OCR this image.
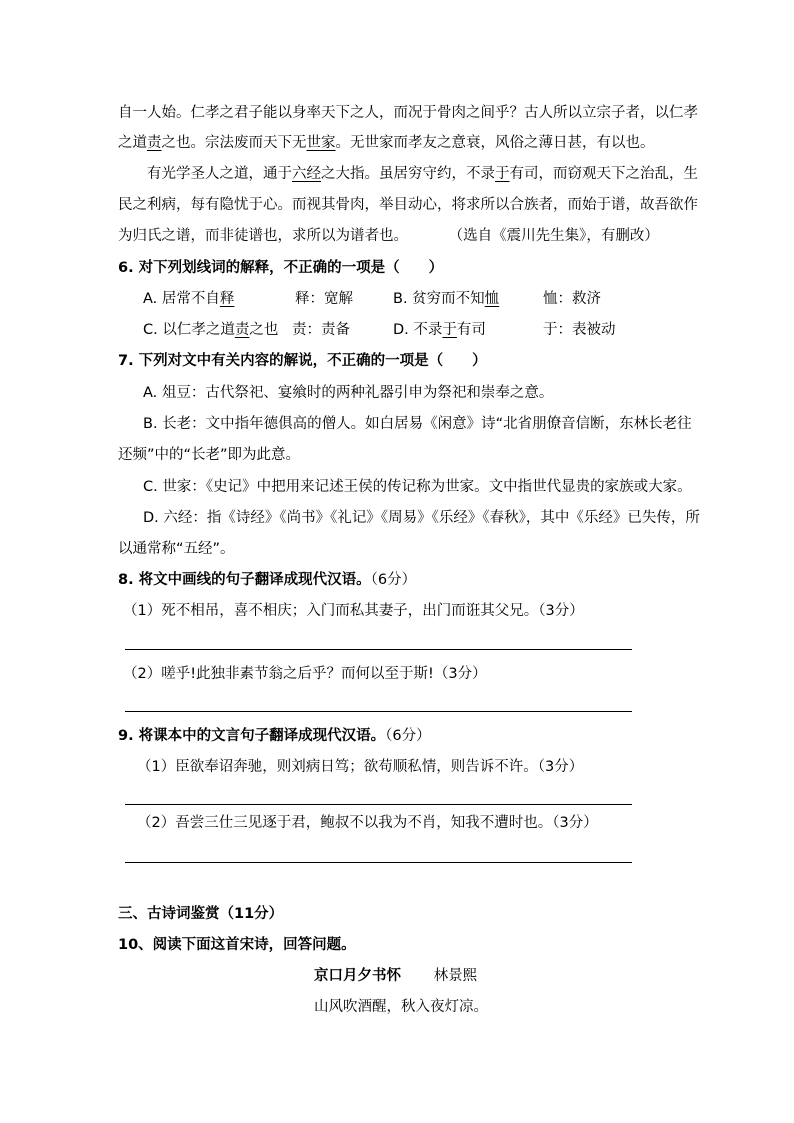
自一人始。仁孝之君子能以身率天下之人，而况于骨肉之间乎？古人所以立宗子者，以仁孝
之道责之也。宗法废而天下无世家。无世家而孝友之意衰，风俗之薄日甚，有以也。
有光学圣人之道，通于六经之大指。虽居穷守约，不录于有司，而窃观天下之治乱，生
民之利病，每有隐忧于心。而视其骨肉，举目动心，将求所以合族者，而始于谱，故吾欲作
为归氏之谱，而非徒谱也，求所以为谱者也。	（选自《震川先生集》，有删改）
6. 对下列划线词的解释，不正确的一项是（　　）
A. 居常不自释	释：宽解	B. 贫穷而不知恤	恤：救济
C. 以仁孝之道责之也 责：责备	D. 不录于有司	于：表被动
7. 下列对文中有关内容的解说，不正确的一项是（　　）
A. 俎豆：古代祭祀、宴飨时的两种礼器引申为祭祀和崇奉之意。
B. 长老：文中指年德俱高的僧人。如白居易《闲意》诗“北省朋僚音信断，东林长老往
还频”中的“长老”即为此意。
C. 世家：《史记》中把用来记述王侯的传记称为世家。文中指世代显贵的家族或大家。
D. 六经：指《诗经》《尚书》《礼记》《周易》《乐经》《春秋》，其中《乐经》已失传，所
以通常称“五经”。
8. 将文中画线的句子翻译成现代汉语。（6分）
（1）死不相吊，喜不相庆；入门而私其妻子，出门而诳其父兄。（3分）
（2）嗟乎!此独非素节翁之后乎？而何以至于斯!（3分）
9. 将课本中的文言句子翻译成现代汉语。（6分）
（1）臣欲奉诏奔驰，则刘病日笃；欲苟顺私情，则告诉不许。（3分）
（2）吾尝三仕三见逐于君，鲍叔不以我为不肖，知我不遭时也。（3分）
三、古诗词鉴赏（11分）
10、阅读下面这首宋诗，回答问题。
京口月夕书怀 林景熙
山风吹酒醒，秋入夜灯凉。
